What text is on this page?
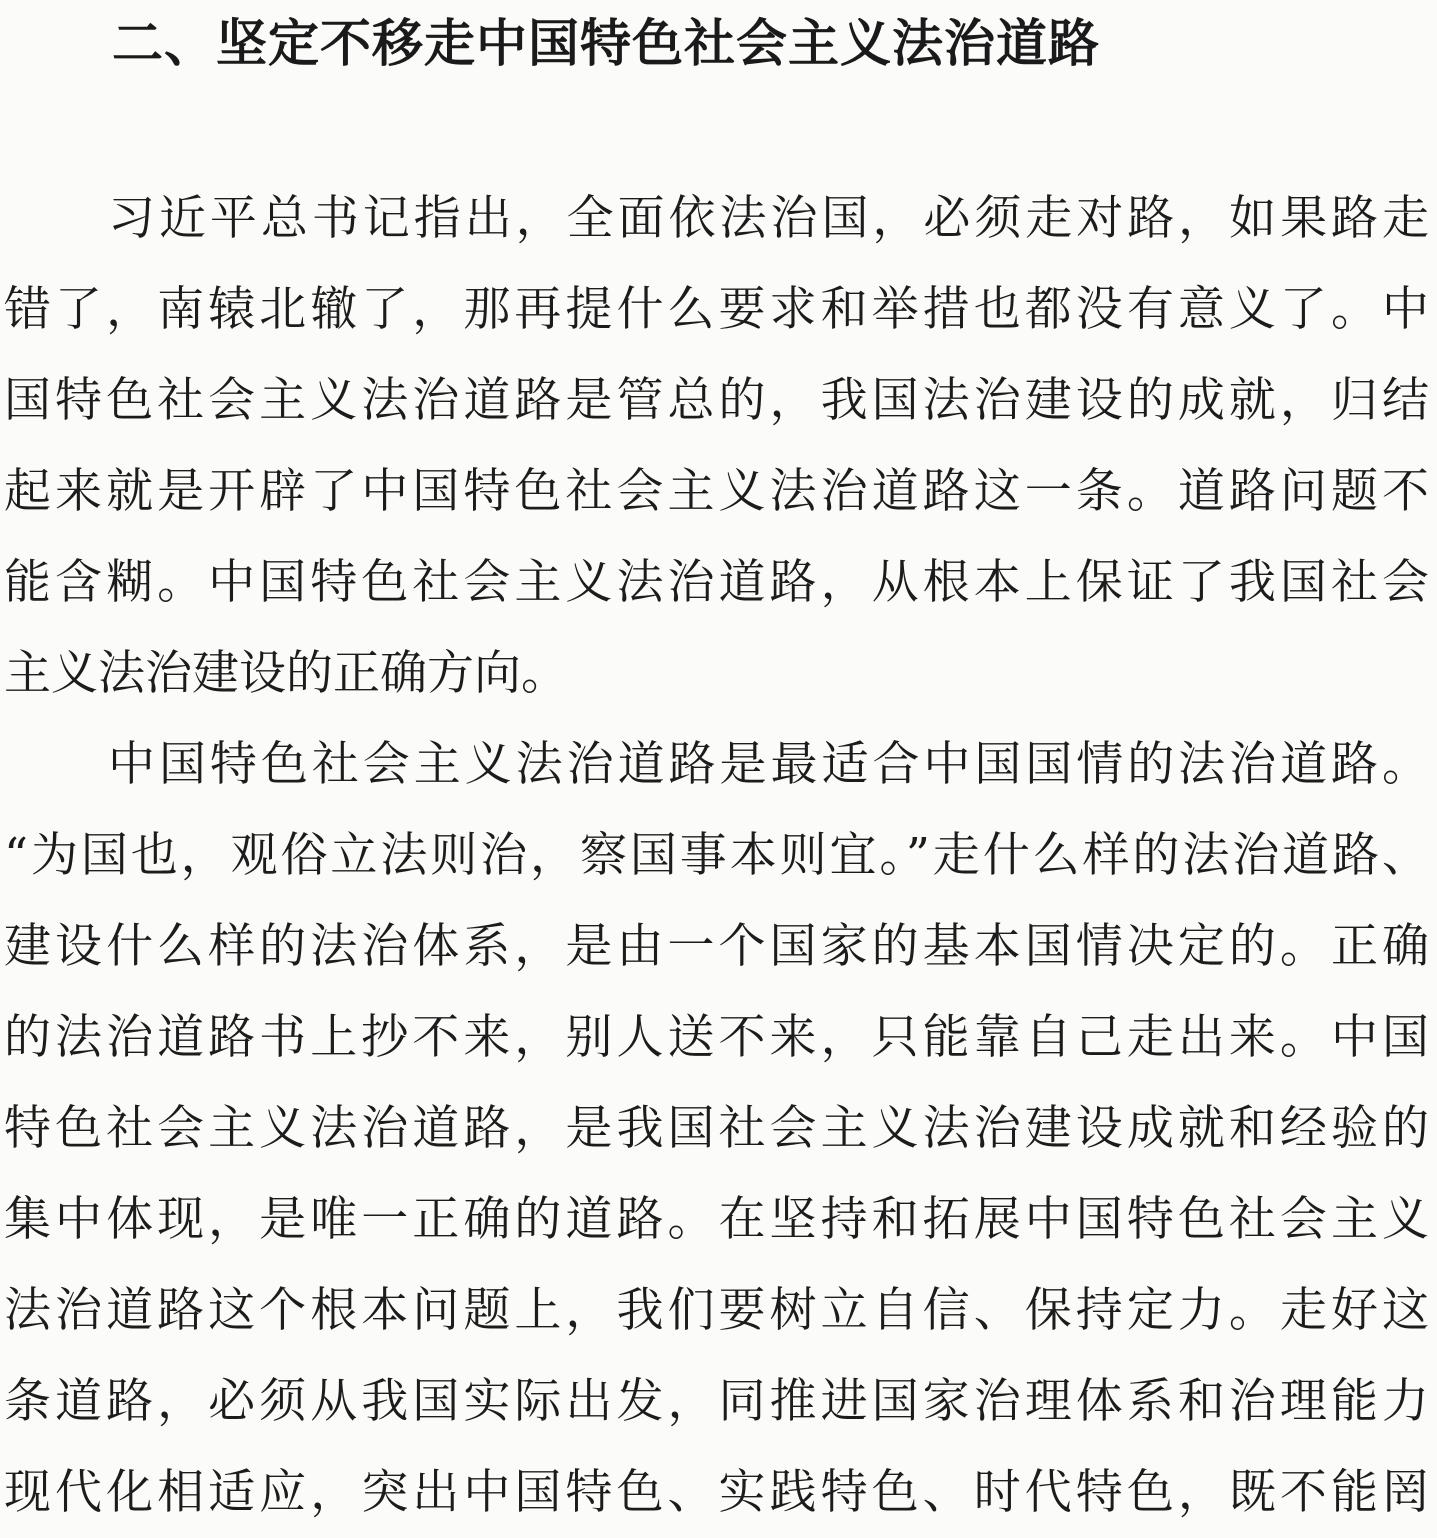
二、坚定不移走中国特色社会主义法治道路
习近平总书记指出，全面依法治国，必须走对路，如果路走
错了，南辕北辙了，那再提什么要求和举措也都没有意义了。中
国特色社会主义法治道路是管总的，我国法治建设的成就，归结
起来就是开辟了中国特色社会主义法治道路这一条。道路问题不
能含糊。中国特色社会主义法治道路，从根本上保证了我国社会
主义法治建设的正确方向。
中国特色社会主义法治道路是最适合中国国情的法治道路。
“为国也，观俗立法则治，察国事本则宜。”走什么样的法治道路、
建设什么样的法治体系，是由一个国家的基本国情决定的。正确
的法治道路书上抄不来，别人送不来，只能靠自己走出来。中国
特色社会主义法治道路，是我国社会主义法治建设成就和经验的
集中体现，是唯一正确的道路。在坚持和拓展中国特色社会主义
法治道路这个根本问题上，我们要树立自信、保持定力。走好这
条道路，必须从我国实际出发，同推进国家治理体系和治理能力
现代化相适应，突出中国特色、实践特色、时代特色，既不能罔
